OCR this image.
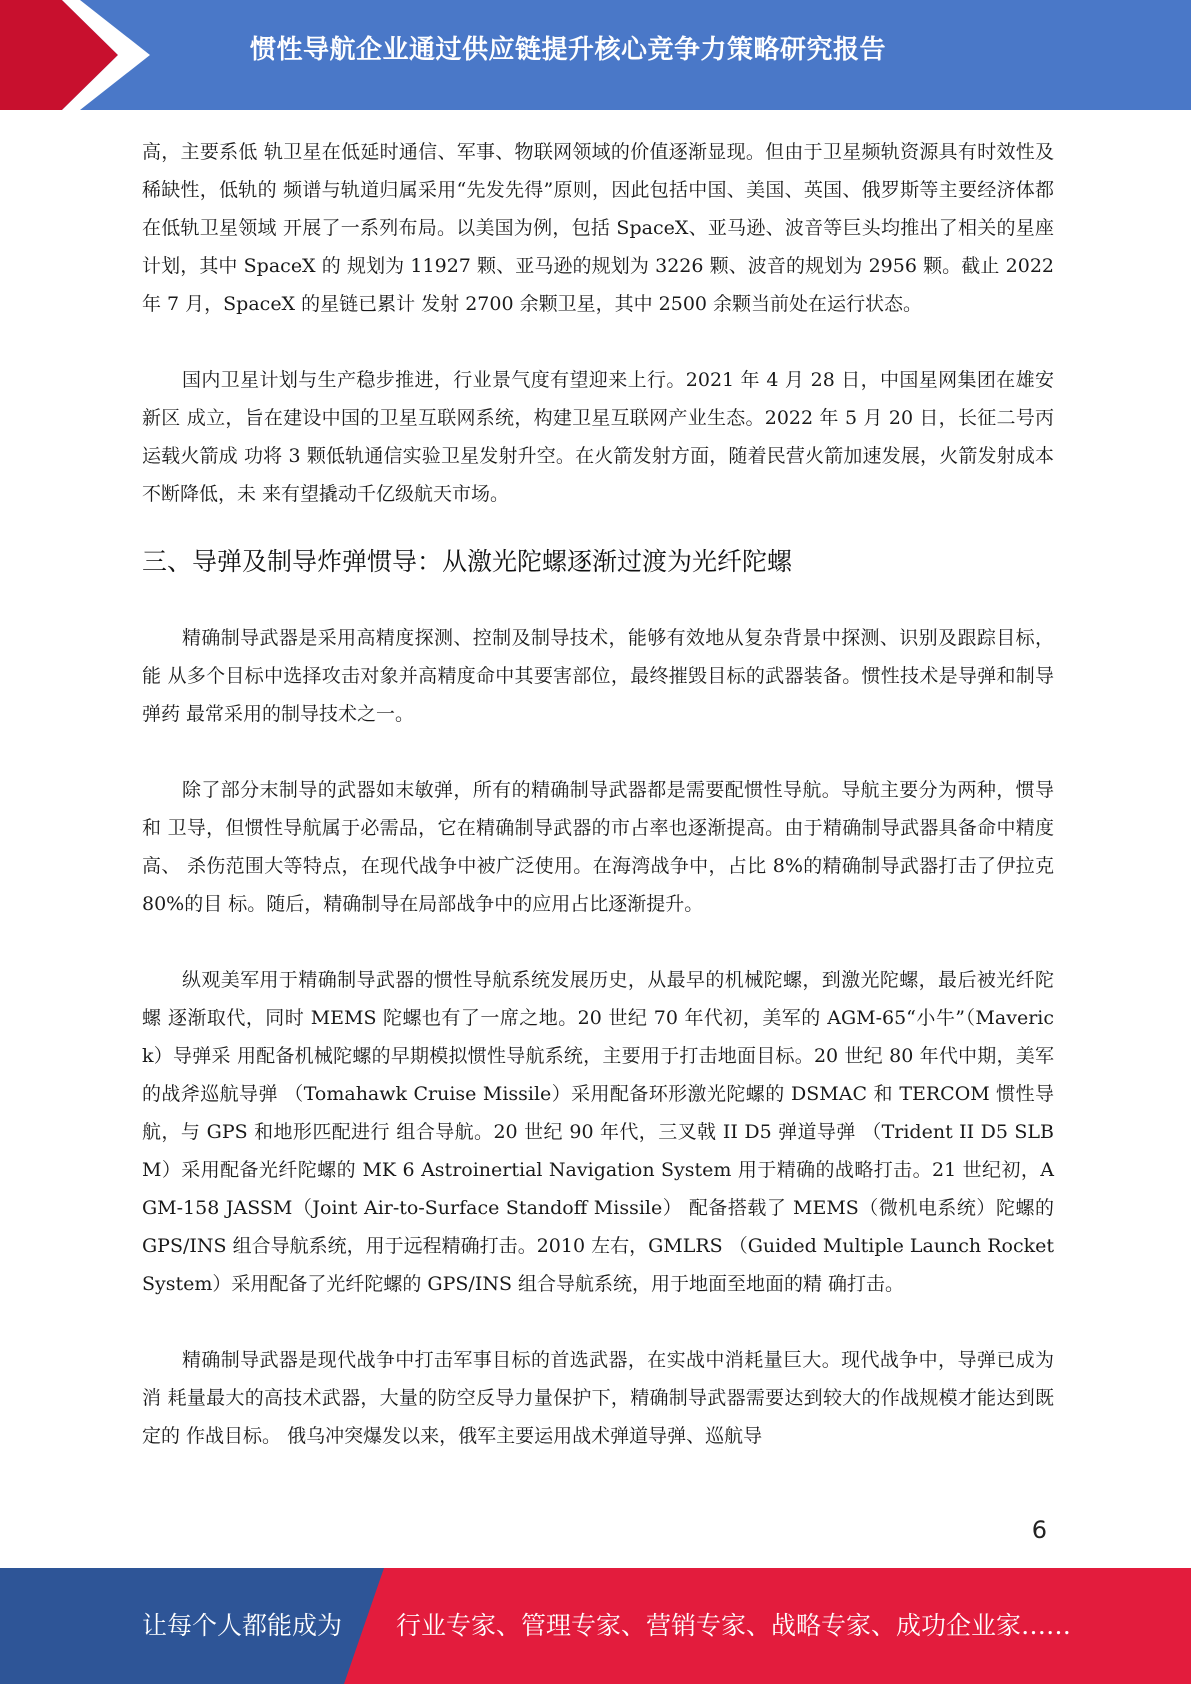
惯性导航企业通过供应链提升核心竞争力策略研究报告

高，主要系低 轨卫星在低延时通信、军事、物联网领域的价值逐渐显现。但由于卫星频轨资源具有时效性及稀缺性，低轨的 频谱与轨道归属采用“先发先得”原则，因此包括中国、美国、英国、俄罗斯等主要经济体都在低轨卫星领域 开展了一系列布局。以美国为例，包括 SpaceX、亚马逊、波音等巨头均推出了相关的星座计划，其中 SpaceX 的 规划为 11927 颗、亚马逊的规划为 3226 颗、波音的规划为 2956 颗。截止 2022 年 7 月，SpaceX 的星链已累计 发射 2700 余颗卫星，其中 2500 余颗当前处在运行状态。

国内卫星计划与生产稳步推进，行业景气度有望迎来上行。2021 年 4 月 28 日，中国星网集团在雄安新区 成立，旨在建设中国的卫星互联网系统，构建卫星互联网产业生态。2022 年 5 月 20 日，长征二号丙运载火箭成 功将 3 颗低轨通信实验卫星发射升空。在火箭发射方面，随着民营火箭加速发展，火箭发射成本不断降低，未 来有望撬动千亿级航天市场。

三、导弹及制导炸弹惯导：从激光陀螺逐渐过渡为光纤陀螺

精确制导武器是采用高精度探测、控制及制导技术，能够有效地从复杂背景中探测、识别及跟踪目标，能 从多个目标中选择攻击对象并高精度命中其要害部位，最终摧毁目标的武器装备。惯性技术是导弹和制导弹药 最常采用的制导技术之一。

除了部分末制导的武器如末敏弹，所有的精确制导武器都是需要配惯性导航。导航主要分为两种，惯导和 卫导，但惯性导航属于必需品，它在精确制导武器的市占率也逐渐提高。由于精确制导武器具备命中精度高、 杀伤范围大等特点，在现代战争中被广泛使用。在海湾战争中，占比 8%的精确制导武器打击了伊拉克 80%的目 标。随后，精确制导在局部战争中的应用占比逐渐提升。

纵观美军用于精确制导武器的惯性导航系统发展历史，从最早的机械陀螺，到激光陀螺，最后被光纤陀螺 逐渐取代，同时 MEMS 陀螺也有了一席之地。20 世纪 70 年代初，美军的 AGM-65“小牛”（Maverick）导弹采 用配备机械陀螺的早期模拟惯性导航系统，主要用于打击地面目标。20 世纪 80 年代中期，美军的战斧巡航导弹 （Tomahawk Cruise Missile）采用配备环形激光陀螺的 DSMAC 和 TERCOM 惯性导航，与 GPS 和地形匹配进行 组合导航。20 世纪 90 年代，三叉戟 II D5 弹道导弹 （Trident II D5 SLBM）采用配备光纤陀螺的 MK 6 Astroinertial Navigation System 用于精确的战略打击。21 世纪初，AGM-158 JASSM（Joint Air-to-Surface Standoff Missile） 配备搭载了 MEMS（微机电系统）陀螺的 GPS/INS 组合导航系统，用于远程精确打击。2010 左右，GMLRS （Guided Multiple Launch Rocket System）采用配备了光纤陀螺的 GPS/INS 组合导航系统，用于地面至地面的精 确打击。

精确制导武器是现代战争中打击军事目标的首选武器，在实战中消耗量巨大。现代战争中，导弹已成为消 耗量最大的高技术武器，大量的防空反导力量保护下，精确制导武器需要达到较大的作战规模才能达到既定的 作战目标。 俄乌冲突爆发以来，俄军主要运用战术弹道导弹、巡航导

6
让每个人都能成为 行业专家、管理专家、营销专家、战略专家、成功企业家……
